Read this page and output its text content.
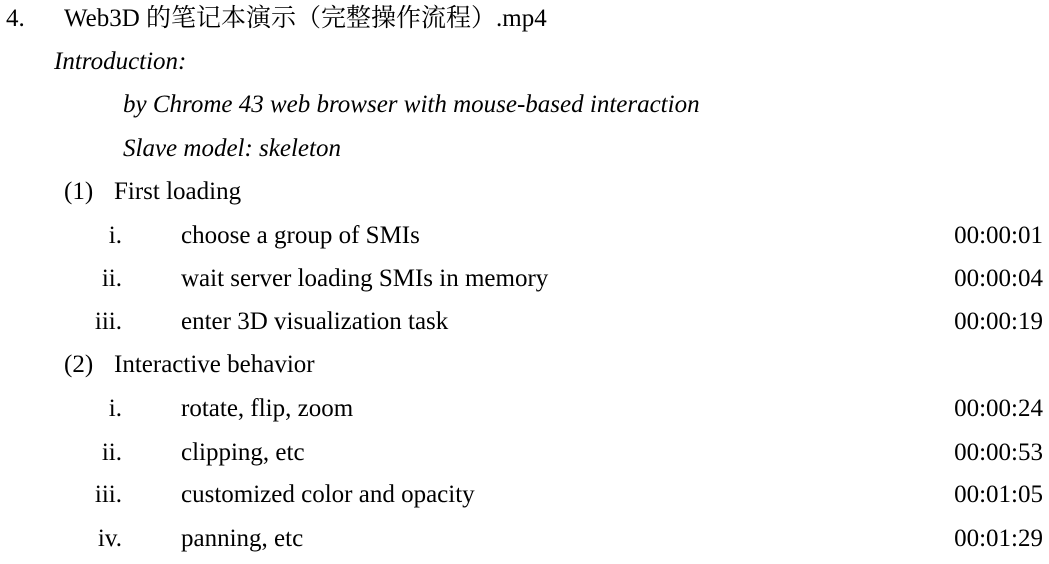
4. Web3D 的笔记本演示（完整操作流程）.mp4
Introduction:
by Chrome 43 web browser with mouse-based interaction
Slave model: skeleton
(1) First loading
i. choose a group of SMIs	00:00:01
ii. wait server loading SMIs in memory	00:00:04
iii. enter 3D visualization task	00:00:19
(2) Interactive behavior
i. rotate, flip, zoom	00:00:24
ii. clipping, etc	00:00:53
iii. customized color and opacity	00:01:05
iv. panning, etc	00:01:29
